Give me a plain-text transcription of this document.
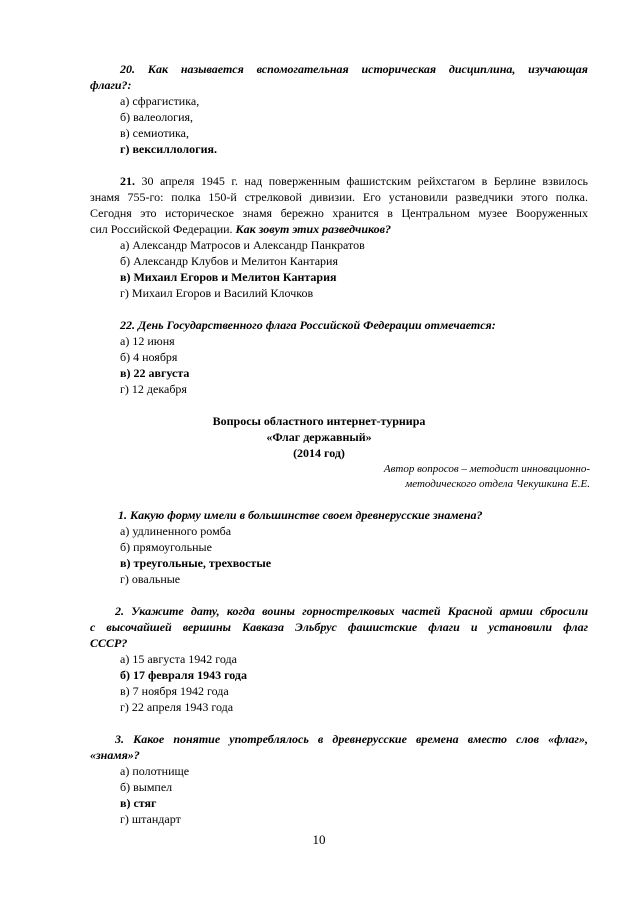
20. Как называется вспомогательная историческая дисциплина, изучающая
флаги?:
а) сфрагистика,
б) валеология,
в) семиотика,
г) вексиллология.
21. 30 апреля 1945 г. над поверженным фашистским рейхстагом в Берлине взвилось
знамя 755-го: полка 150-й стрелковой дивизии. Его установили разведчики этого полка.
Сегодня это историческое знамя бережно хранится в Центральном музее Вооруженных
сил Российской Федерации. Как зовут этих разведчиков?
а) Александр Матросов и Александр Панкратов
б) Александр Клубов и Мелитон Кантария
в) Михаил Егоров и Мелитон Кантария
г) Михаил Егоров и Василий Клочков
22. День Государственного флага Российской Федерации отмечается:
а) 12 июня
б) 4 ноября
в) 22 августа
г) 12 декабря
Вопросы областного интернет-турнира
«Флаг державный»
(2014 год)
Автор вопросов – методист инновационно-
методического отдела Чекушкина Е.Е.
1. Какую форму имели в большинстве своем древнерусские знамена?
а) удлиненного ромба
б) прямоугольные
в) треугольные, трехвостые
г) овальные
2. Укажите дату, когда воины горнострелковых частей Красной армии сбросили
с высочайшей вершины Кавказа Эльбрус фашистские флаги и установили флаг
СССР?
а) 15 августа 1942 года
б) 17 февраля 1943 года
в) 7 ноября 1942 года
г) 22 апреля 1943 года
3. Какое понятие употреблялось в древнерусские времена вместо слов «флаг»,
«знамя»?
а) полотнище
б) вымпел
в) стяг
г) штандарт
10
